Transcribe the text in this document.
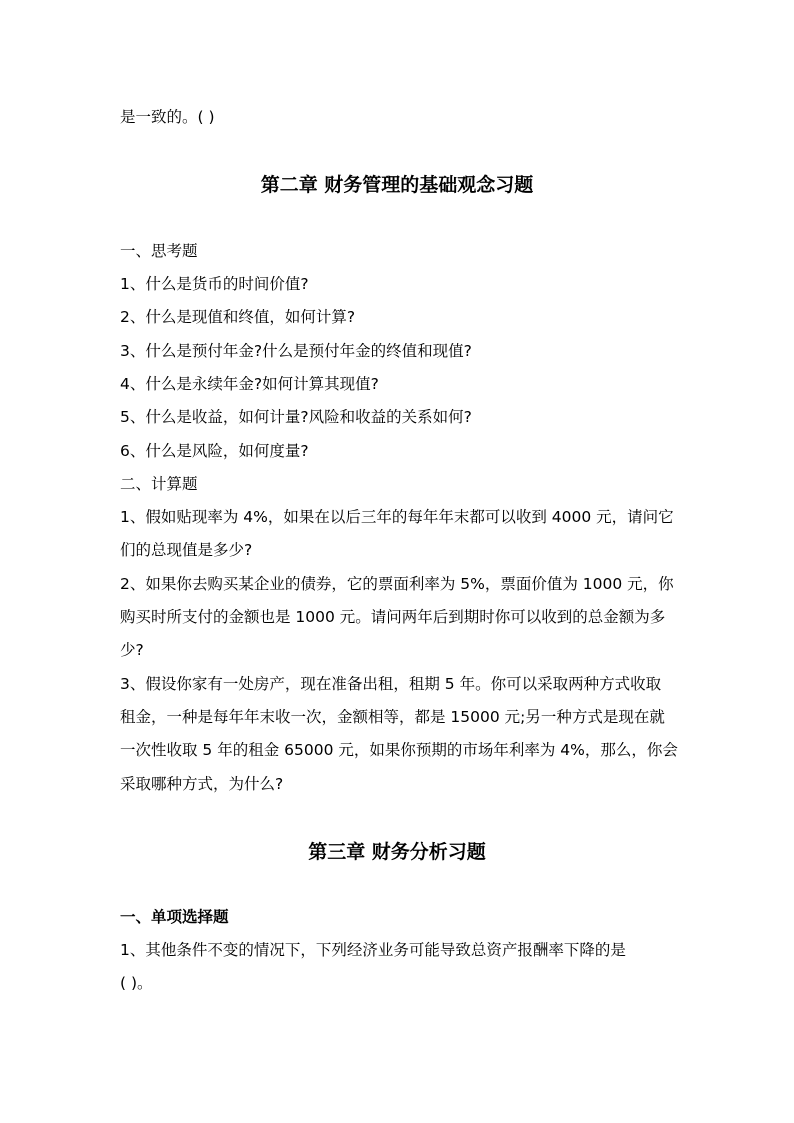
是一致的。( )
第二章 财务管理的基础观念习题
一、思考题
1、什么是货币的时间价值?
2、什么是现值和终值，如何计算?
3、什么是预付年金?什么是预付年金的终值和现值?
4、什么是永续年金?如何计算其现值?
5、什么是收益，如何计量?风险和收益的关系如何?
6、什么是风险，如何度量?
二、计算题
1、假如贴现率为 4%，如果在以后三年的每年年末都可以收到 4000 元，请问它
们的总现值是多少?
2、如果你去购买某企业的债券，它的票面利率为 5%，票面价值为 1000 元，你
购买时所支付的金额也是 1000 元。请问两年后到期时你可以收到的总金额为多
少?
3、假设你家有一处房产，现在准备出租，租期 5 年。你可以采取两种方式收取
租金，一种是每年年末收一次，金额相等，都是 15000 元;另一种方式是现在就
一次性收取 5 年的租金 65000 元，如果你预期的市场年利率为 4%，那么，你会
采取哪种方式，为什么?
第三章 财务分析习题
一、单项选择题
1、其他条件不变的情况下，下列经济业务可能导致总资产报酬率下降的是
( )。
